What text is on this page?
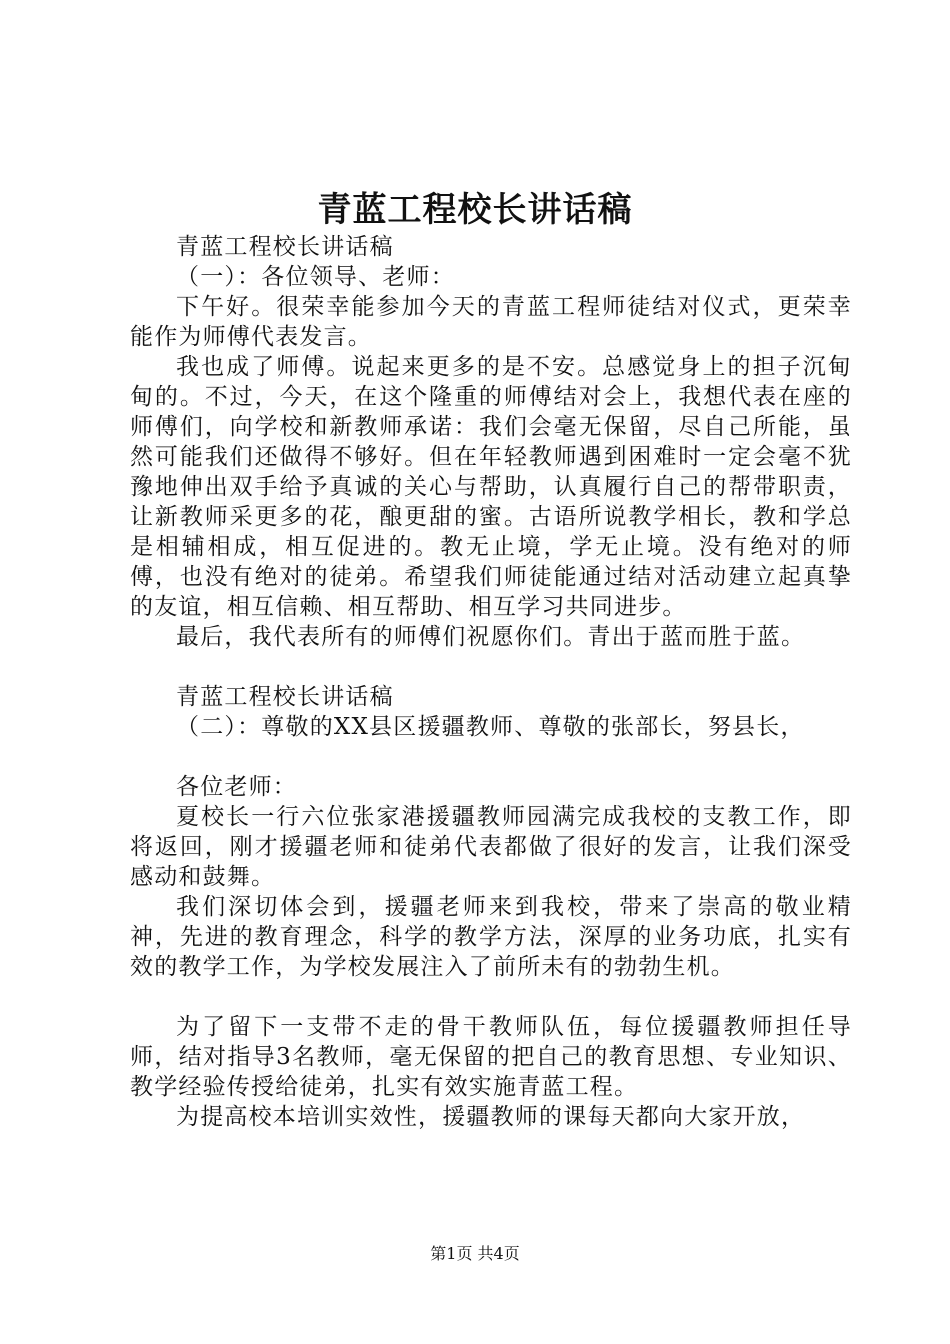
青蓝工程校长讲话稿

青蓝工程校长讲话稿

（一）：各位领导、老师：

下午好。很荣幸能参加今天的青蓝工程师徒结对仪式，更荣幸能作为师傅代表发言。

我也成了师傅。说起来更多的是不安。总感觉身上的担子沉甸甸的。不过，今天，在这个隆重的师傅结对会上，我想代表在座的师傅们，向学校和新教师承诺：我们会毫无保留，尽自己所能，虽然可能我们还做得不够好。但在年轻教师遇到困难时一定会毫不犹豫地伸出双手给予真诚的关心与帮助，认真履行自己的帮带职责，让新教师采更多的花，酿更甜的蜜。古语所说教学相长，教和学总是相辅相成，相互促进的。教无止境，学无止境。没有绝对的师傅，也没有绝对的徒弟。希望我们师徒能通过结对活动建立起真挚的友谊，相互信赖、相互帮助、相互学习共同进步。

最后，我代表所有的师傅们祝愿你们。青出于蓝而胜于蓝。

青蓝工程校长讲话稿

（二）：尊敬的XX县区援疆教师、尊敬的张部长，努县长，

各位老师：

夏校长一行六位张家港援疆教师园满完成我校的支教工作，即将返回，刚才援疆老师和徒弟代表都做了很好的发言，让我们深受感动和鼓舞。

我们深切体会到，援疆老师来到我校，带来了崇高的敬业精神，先进的教育理念，科学的教学方法，深厚的业务功底，扎实有效的教学工作，为学校发展注入了前所未有的勃勃生机。

为了留下一支带不走的骨干教师队伍，每位援疆教师担任导师，结对指导3名教师，毫无保留的把自己的教育思想、专业知识、教学经验传授给徒弟，扎实有效实施青蓝工程。

为提高校本培训实效性，援疆教师的课每天都向大家开放，

第1页 共4页
